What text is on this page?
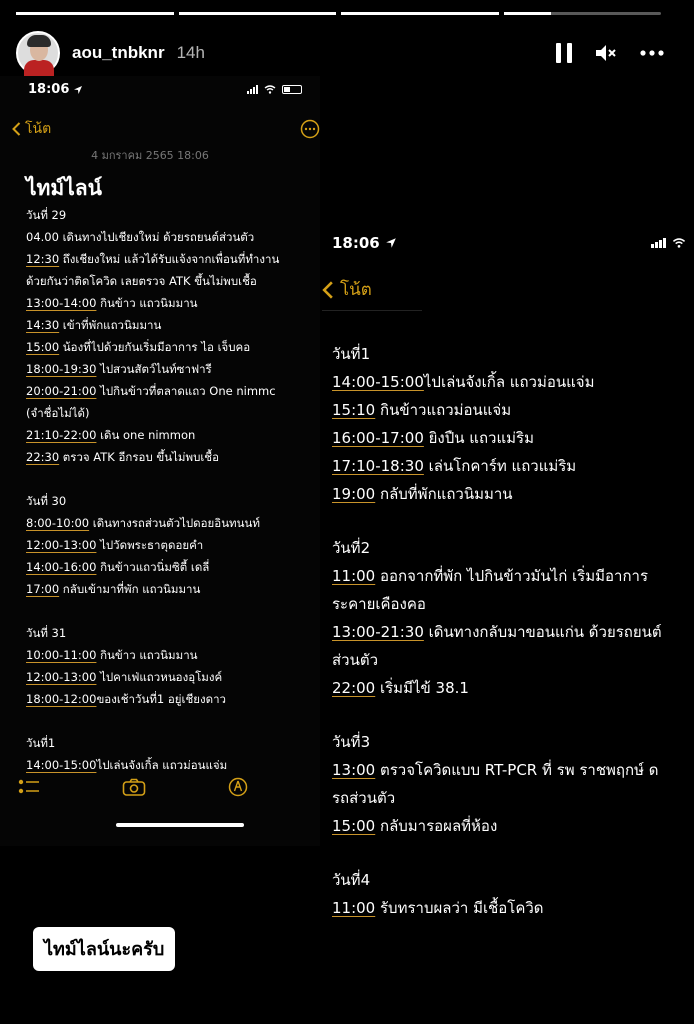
aou_tnbknr 14h
18:06
โน้ต
4 มกราคม 2565 18:06
ไทม์ไลน์
วันที่ 29
04.00 เดินทางไปเชียงใหม่ ด้วยรถยนต์ส่วนตัว
12:30 ถึงเชียงใหม่ แล้วได้รับแจ้งจากเพื่อนที่ทำงาน
ด้วยกันว่าติดโควิด เลยตรวจ ATK ขึ้นไม่พบเชื้อ
13:00-14:00 กินข้าว แถวนิมมาน
14:30 เข้าที่พักแถวนิมมาน
15:00 น้องที่ไปด้วยกันเริ่มมีอาการ ไอ เจ็บคอ
18:00-19:30 ไปสวนสัตว์ไนท์ซาฟารี
20:00-21:00 ไปกินข้าวที่ตลาดแถว One nimmc
(จำชื่อไม่ได้)
21:10-22:00 เดิน one nimmon
22:30 ตรวจ ATK อีกรอบ ขึ้นไม่พบเชื้อ
วันที่ 30
8:00-10:00 เดินทางรถส่วนตัวไปดอยอินทนนท์
12:00-13:00 ไปวัดพระธาตุดอยคำ
14:00-16:00 กินข้าวแถวนิ่มซิตี้ เดลี่
17:00 กลับเข้ามาที่พัก แถวนิมมาน
วันที่ 31
10:00-11:00 กินข้าว แถวนิมมาน
12:00-13:00 ไปคาเฟ่แถวหนองอุโมงค์
18:00-12:00ของเช้าวันที่1 อยู่เชียงดาว
วันที่1
14:00-15:00ไปเล่นจังเกิ้ล แถวม่อนแจ่ม
18:06
โน้ต
วันที่1
14:00-15:00ไปเล่นจังเกิ้ล แถวม่อนแจ่ม
15:10 กินข้าวแถวม่อนแจ่ม
16:00-17:00 ยิงปืน แถวแม่ริม
17:10-18:30 เล่นโกคาร์ท แถวแม่ริม
19:00 กลับที่พักแถวนิมมาน
วันที่2
11:00 ออกจากที่พัก ไปกินข้าวมันไก่ เริ่มมีอาการ
ระคายเคืองคอ
13:00-21:30 เดินทางกลับมาขอนแก่น ด้วยรถยนต์
ส่วนตัว
22:00 เริ่มมีไข้ 38.1
วันที่3
13:00 ตรวจโควิดแบบ RT-PCR ที่ รพ ราชพฤกษ์ ด
รถส่วนตัว
15:00 กลับมารอผลที่ห้อง
วันที่4
11:00 รับทราบผลว่า มีเชื้อโควิด
ไทม์ไลน์นะครับ
